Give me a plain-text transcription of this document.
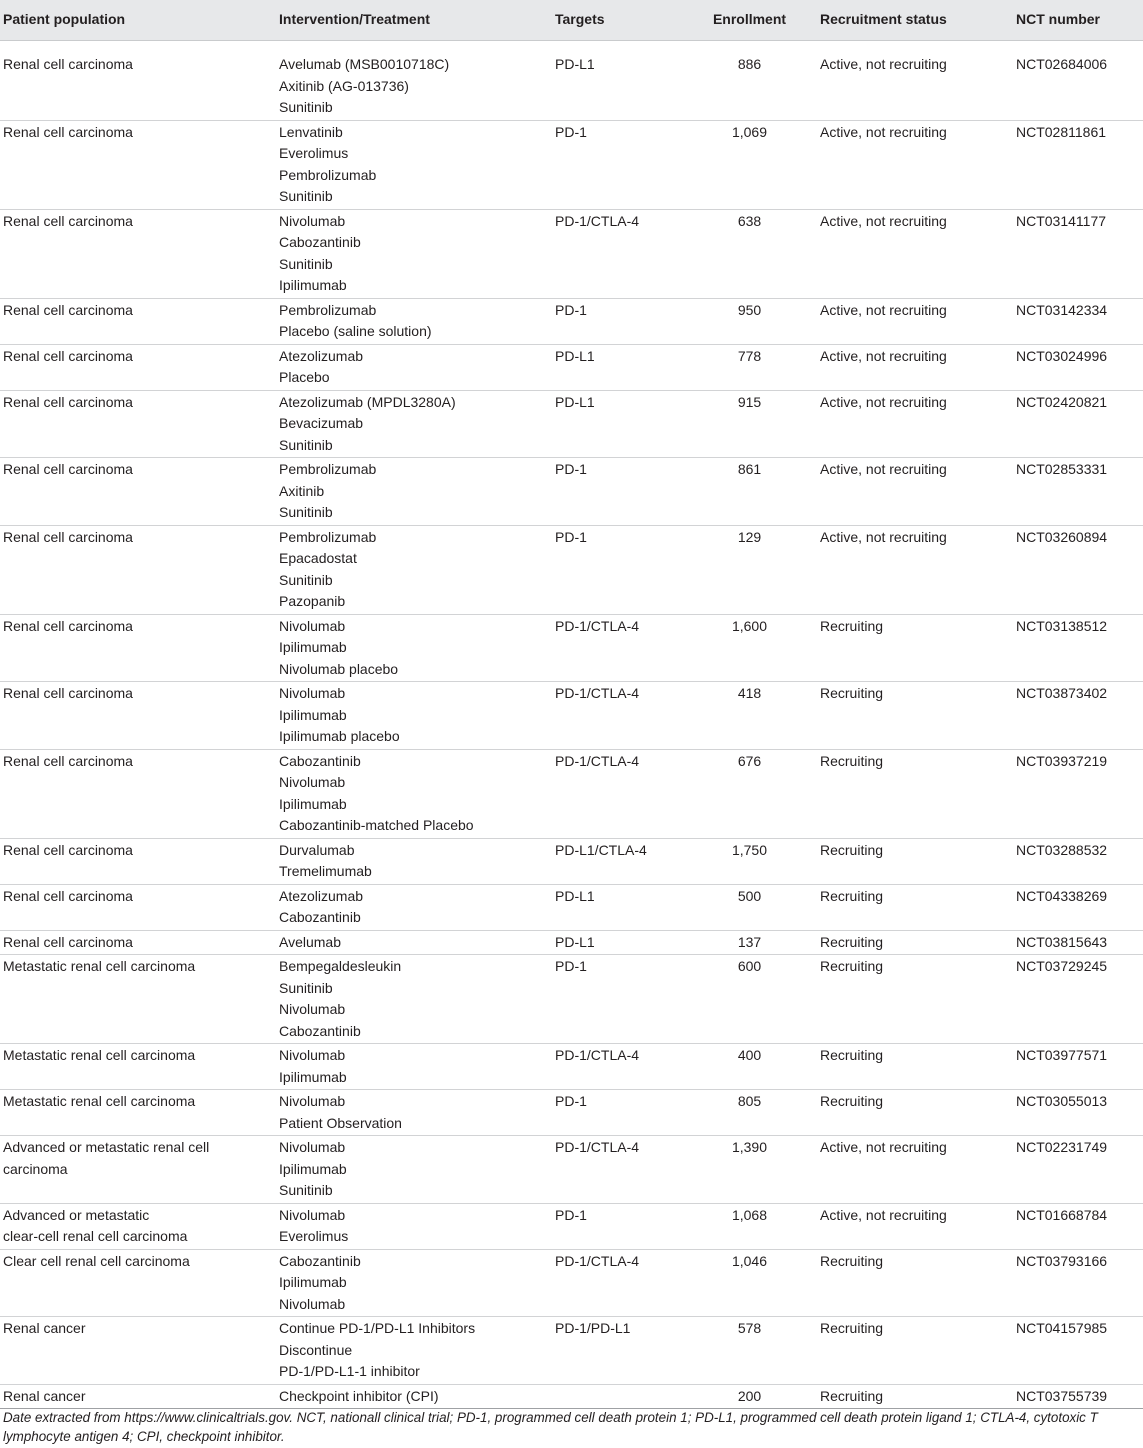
Patient population	Intervention/Treatment	Targets	Enrollment	Recruitment status	NCT number

Renal cell carcinoma	Avelumab (MSB0010718C)
Axitinib (AG-013736)
Sunitinib	PD-L1	886	Active, not recruiting	NCT02684006

Renal cell carcinoma	Lenvatinib
Everolimus
Pembrolizumab
Sunitinib	PD-1	1,069	Active, not recruiting	NCT02811861

Renal cell carcinoma	Nivolumab
Cabozantinib
Sunitinib
Ipilimumab	PD-1/CTLA-4	638	Active, not recruiting	NCT03141177

Renal cell carcinoma	Pembrolizumab
Placebo (saline solution)	PD-1	950	Active, not recruiting	NCT03142334

Renal cell carcinoma	Atezolizumab
Placebo	PD-L1	778	Active, not recruiting	NCT03024996

Renal cell carcinoma	Atezolizumab (MPDL3280A)
Bevacizumab
Sunitinib	PD-L1	915	Active, not recruiting	NCT02420821

Renal cell carcinoma	Pembrolizumab
Axitinib
Sunitinib	PD-1	861	Active, not recruiting	NCT02853331

Renal cell carcinoma	Pembrolizumab
Epacadostat
Sunitinib
Pazopanib	PD-1	129	Active, not recruiting	NCT03260894

Renal cell carcinoma	Nivolumab
Ipilimumab
Nivolumab placebo	PD-1/CTLA-4	1,600	Recruiting	NCT03138512

Renal cell carcinoma	Nivolumab
Ipilimumab
Ipilimumab placebo	PD-1/CTLA-4	418	Recruiting	NCT03873402

Renal cell carcinoma	Cabozantinib
Nivolumab
Ipilimumab
Cabozantinib-matched Placebo	PD-1/CTLA-4	676	Recruiting	NCT03937219

Renal cell carcinoma	Durvalumab
Tremelimumab	PD-L1/CTLA-4	1,750	Recruiting	NCT03288532

Renal cell carcinoma	Atezolizumab
Cabozantinib	PD-L1	500	Recruiting	NCT04338269

Renal cell carcinoma	Avelumab	PD-L1	137	Recruiting	NCT03815643

Metastatic renal cell carcinoma	Bempegaldesleukin
Sunitinib
Nivolumab
Cabozantinib	PD-1	600	Recruiting	NCT03729245

Metastatic renal cell carcinoma	Nivolumab
Ipilimumab	PD-1/CTLA-4	400	Recruiting	NCT03977571

Metastatic renal cell carcinoma	Nivolumab
Patient Observation	PD-1	805	Recruiting	NCT03055013

Advanced or metastatic renal cell
carcinoma	Nivolumab
Ipilimumab
Sunitinib	PD-1/CTLA-4	1,390	Active, not recruiting	NCT02231749

Advanced or metastatic
clear-cell renal cell carcinoma	Nivolumab
Everolimus	PD-1	1,068	Active, not recruiting	NCT01668784

Clear cell renal cell carcinoma	Cabozantinib
Ipilimumab
Nivolumab	PD-1/CTLA-4	1,046	Recruiting	NCT03793166

Renal cancer	Continue PD-1/PD-L1 Inhibitors
Discontinue
PD-1/PD-L1-1 inhibitor	PD-1/PD-L1	578	Recruiting	NCT04157985

Renal cancer	Checkpoint inhibitor (CPI)		200	Recruiting	NCT03755739
Date extracted from https://www.clinicaltrials.gov. NCT, nationall clinical trial; PD-1, programmed cell death protein 1; PD-L1, programmed cell death protein ligand 1; CTLA-4, cytotoxic T lymphocyte antigen 4; CPI, checkpoint inhibitor.
